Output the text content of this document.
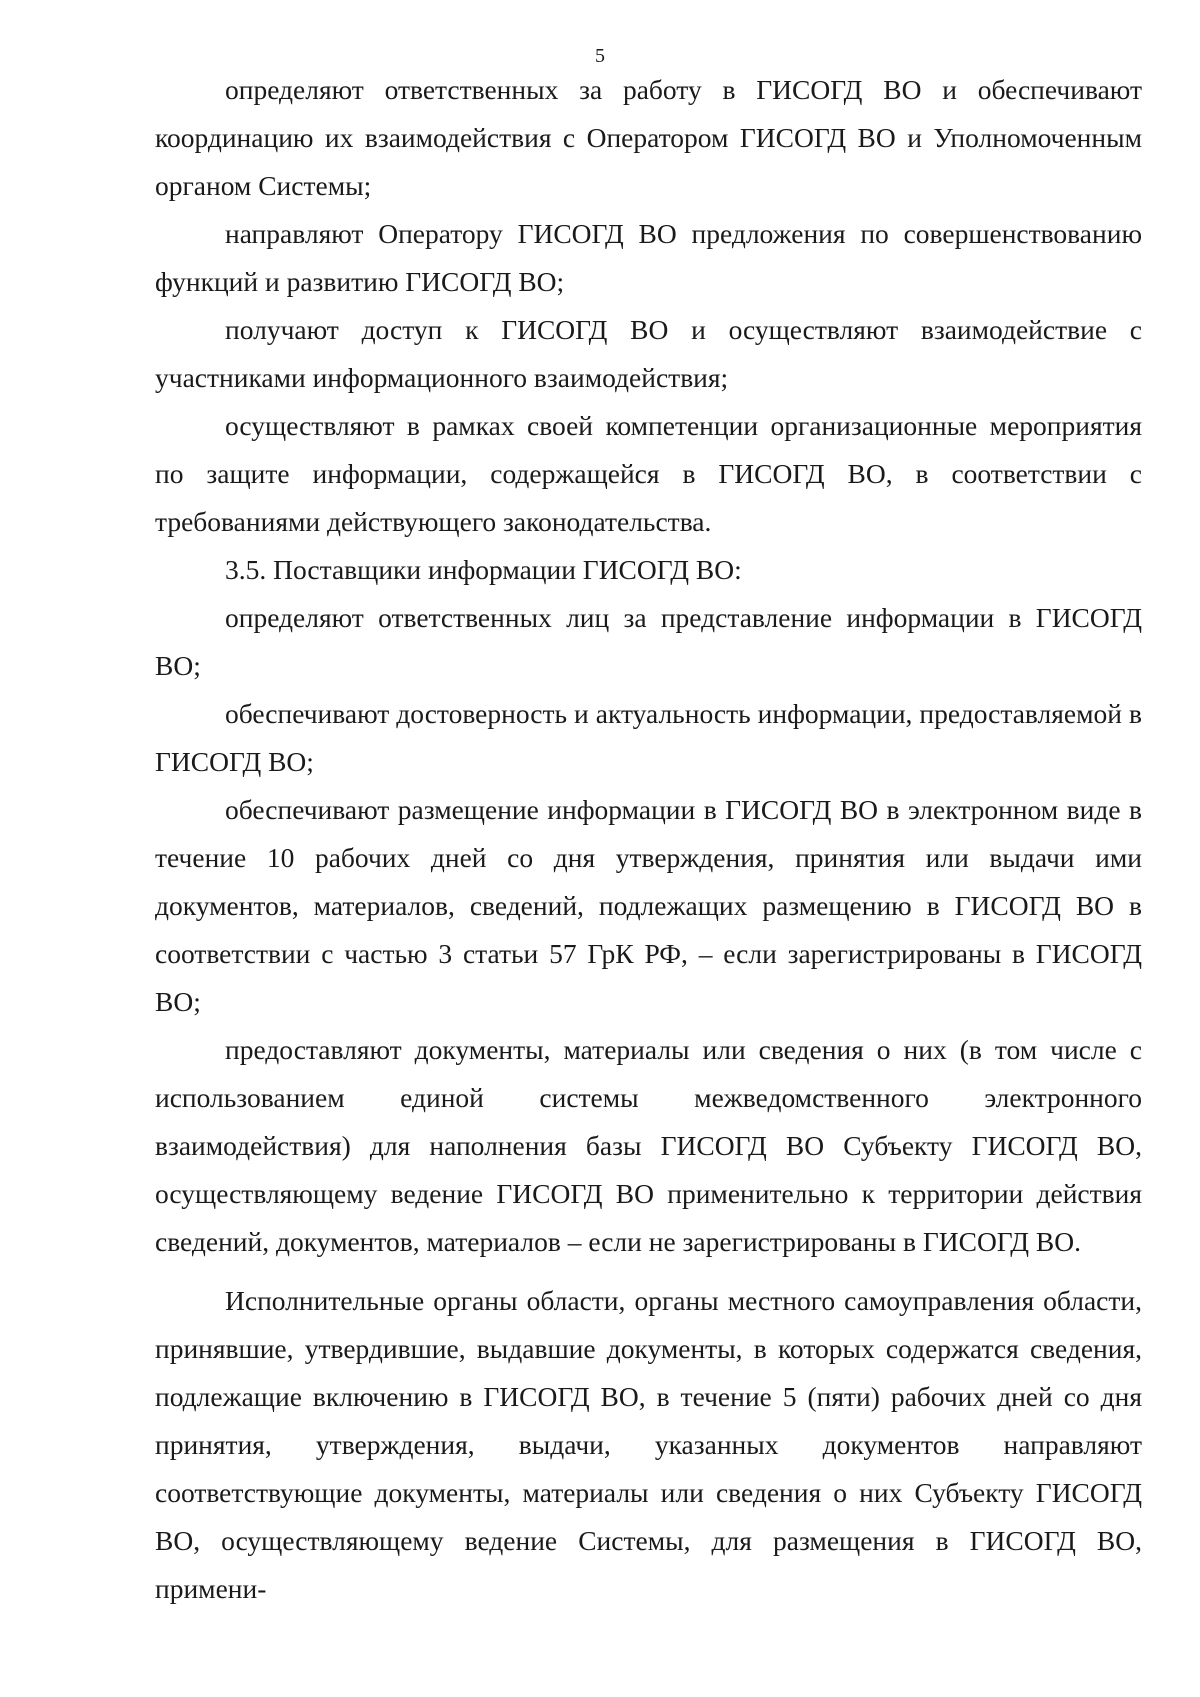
5

определяют ответственных за работу в ГИСОГД ВО и обеспечивают координацию их взаимодействия с Оператором ГИСОГД ВО и Уполномоченным органом Системы;

направляют Оператору ГИСОГД ВО предложения по совершенствованию функций и развитию ГИСОГД ВО;

получают доступ к ГИСОГД ВО и осуществляют взаимодействие с участниками информационного взаимодействия;

осуществляют в рамках своей компетенции организационные мероприятия по защите информации, содержащейся в ГИСОГД ВО, в соответствии с требованиями действующего законодательства.

3.5. Поставщики информации ГИСОГД ВО:

определяют ответственных лиц за представление информации в ГИСОГД ВО;

обеспечивают достоверность и актуальность информации, предоставляемой в ГИСОГД ВО;

обеспечивают размещение информации в ГИСОГД ВО в электронном виде в течение 10 рабочих дней со дня утверждения, принятия или выдачи ими документов, материалов, сведений, подлежащих размещению в ГИСОГД ВО в соответствии с частью 3 статьи 57 ГрК РФ, – если зарегистрированы в ГИСОГД ВО;

предоставляют документы, материалы или сведения о них (в том числе с использованием единой системы межведомственного электронного взаимодействия) для наполнения базы ГИСОГД ВО Субъекту ГИСОГД ВО, осуществляющему ведение ГИСОГД ВО применительно к территории действия сведений, документов, материалов – если не зарегистрированы в ГИСОГД ВО.

Исполнительные органы области, органы местного самоуправления области, принявшие, утвердившие, выдавшие документы, в которых содержатся сведения, подлежащие включению в ГИСОГД ВО, в течение 5 (пяти) рабочих дней со дня принятия, утверждения, выдачи, указанных документов направляют соответствующие документы, материалы или сведения о них Субъекту ГИСОГД ВО, осуществляющему ведение Системы, для размещения в ГИСОГД ВО, примени-
